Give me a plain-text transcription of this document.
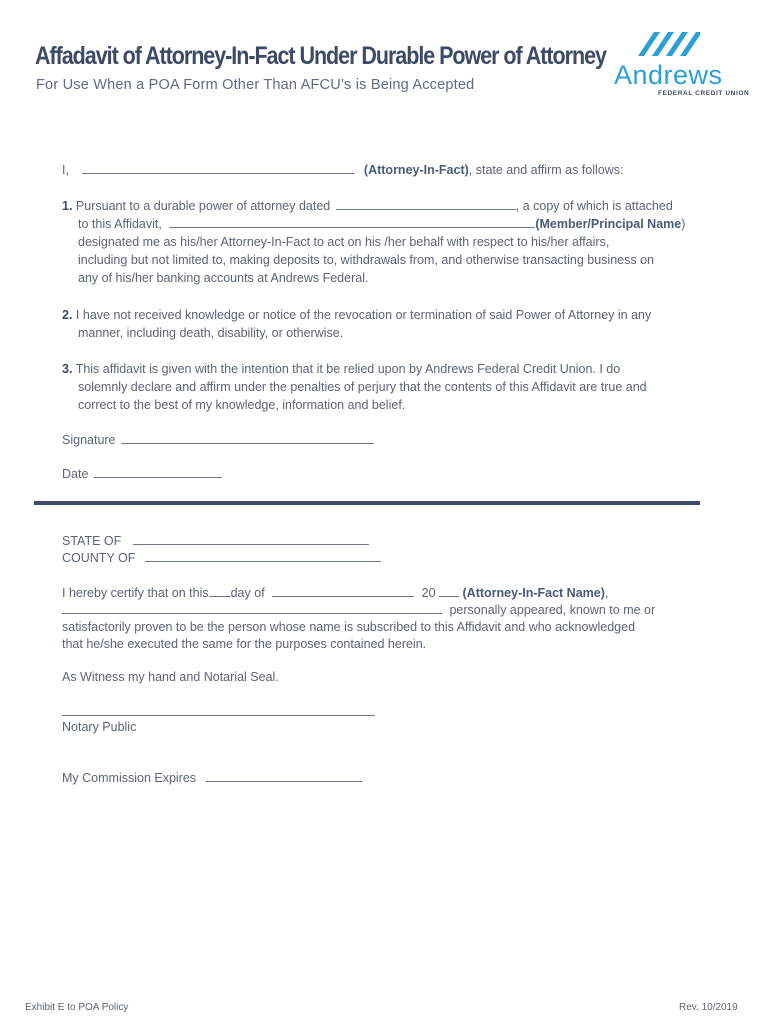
Affadavit of Attorney-In-Fact Under Durable Power of Attorney
For Use When a POA Form Other Than AFCU’s is Being Accepted	Andrews
FEDERAL CREDIT UNION
I,	(Attorney-In-Fact), state and affirm as follows:
1. Pursuant to a durable power of attorney dated	, a copy of which is attached
to this Affidavit,	(Member/Principal Name)
designated me as his/her Attorney-In-Fact to act on his /her behalf with respect to his/her affairs,
including but not limited to, making deposits to, withdrawals from, and otherwise transacting business on
any of his/her banking accounts at Andrews Federal.
2. I have not received knowledge or notice of the revocation or termination of said Power of Attorney in any
manner, including death, disability, or otherwise.
3. This affidavit is given with the intention that it be relied upon by Andrews Federal Credit Union. I do
solemnly declare and affirm under the penalties of perjury that the contents of this Affidavit are true and
correct to the best of my knowledge, information and belief.
Signature
Date
STATE OF
COUNTY OF
I hereby certify that on this day of	20 (Attorney-In-Fact Name),
personally appeared, known to me or
satisfactorily proven to be the person whose name is subscribed to this Affidavit and who acknowledged
that he/she executed the same for the purposes contained herein.
As Witness my hand and Notarial Seal.
Notary Public
My Commission Expires
Exhibit E to POA Policy	Rev. 10/2019
